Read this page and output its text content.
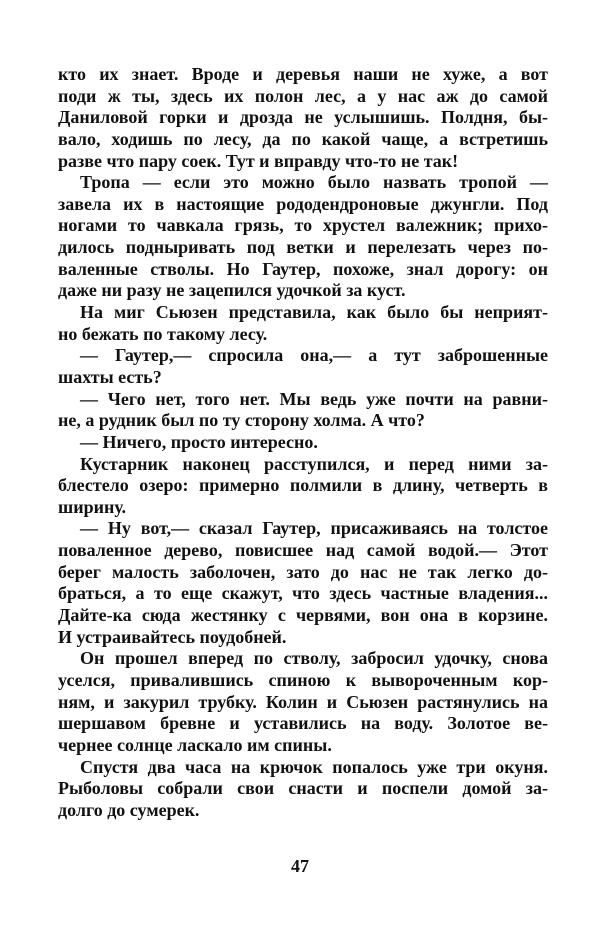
кто их знает. Вроде и деревья наши не хуже, а вот
поди ж ты, здесь их полон лес, а у нас аж до самой
Даниловой горки и дрозда не услышишь. Полдня, бы-
вало, ходишь по лесу, да по какой чаще, а встретишь
разве что пару соек. Тут и вправду что-то не так!
Тропа — если это можно было назвать тропой —
завела их в настоящие рододендроновые джунгли. Под
ногами то чавкала грязь, то хрустел валежник; прихо-
дилось подныривать под ветки и перелезать через по-
валенные стволы. Но Гаутер, похоже, знал дорогу: он
даже ни разу не зацепился удочкой за куст.
На миг Сьюзен представила, как было бы неприят-
но бежать по такому лесу.
— Гаутер,— спросила она,— а тут заброшенные
шахты есть?
— Чего нет, того нет. Мы ведь уже почти на равни-
не, а рудник был по ту сторону холма. А что?
— Ничего, просто интересно.
Кустарник наконец расступился, и перед ними за-
блестело озеро: примерно полмили в длину, четверть в
ширину.
— Ну вот,— сказал Гаутер, присаживаясь на толстое
поваленное дерево, повисшее над самой водой.— Этот
берег малость заболочен, зато до нас не так легко до-
браться, а то еще скажут, что здесь частные владения...
Дайте-ка сюда жестянку с червями, вон она в корзине.
И устраивайтесь поудобней.
Он прошел вперед по стволу, забросил удочку, снова
уселся, привалившись спиною к вывороченным кор-
ням, и закурил трубку. Колин и Сьюзен растянулись на
шершавом бревне и уставились на воду. Золотое ве-
чернее солнце ласкало им спины.
Спустя два часа на крючок попалось уже три окуня.
Рыболовы собрали свои снасти и поспели домой за-
долго до сумерек.
47
